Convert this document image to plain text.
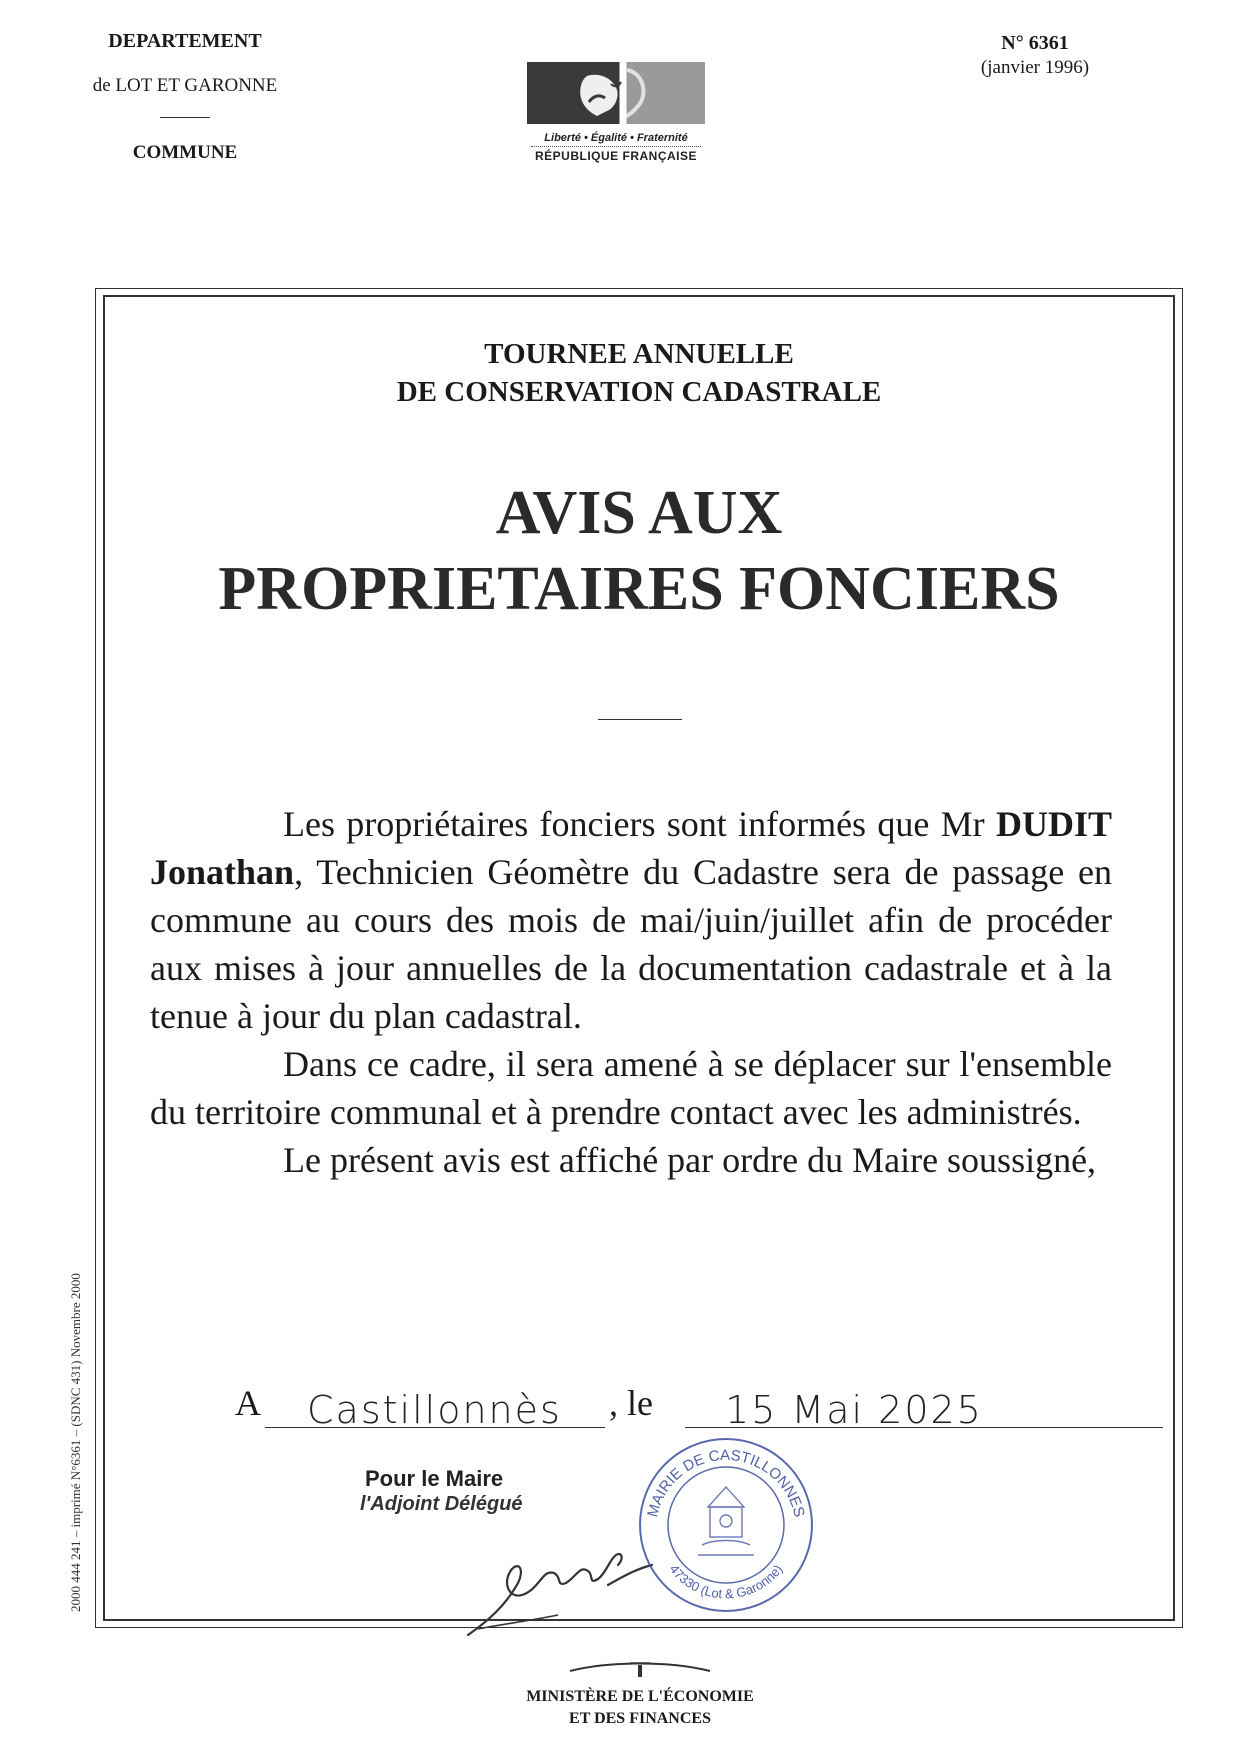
DEPARTEMENT
de LOT ET GARONNE
COMMUNE
Liberté • Égalité • Fraternité
RÉPUBLIQUE FRANÇAISE
N° 6361
(janvier 1996)
TOURNEE ANNUELLE
DE CONSERVATION CADASTRALE
AVIS AUX
PROPRIETAIRES FONCIERS

Les propriétaires fonciers sont informés que Mr DUDIT Jonathan, Technicien Géomètre du Cadastre sera de passage en commune au cours des mois de mai/juin/juillet afin de procéder aux mises à jour annuelles de la documentation cadastrale et à la tenue à jour du plan cadastral.

Dans ce cadre, il sera amené à se déplacer sur l'ensemble du territoire communal et à prendre contact avec les administrés.

Le présent avis est affiché par ordre du Maire soussigné,

A	Castillonnès	, le	15 Mai 2025
Pour le Maire
l'Adjoint Délégué	MAIRIE DE CASTILLONNES
47330 (Lot & Garonne)
2000 444 241 – imprimé N°6361 – (SDNC 431) Novembre 2000
MINISTÈRE DE L'ÉCONOMIE
ET DES FINANCES
